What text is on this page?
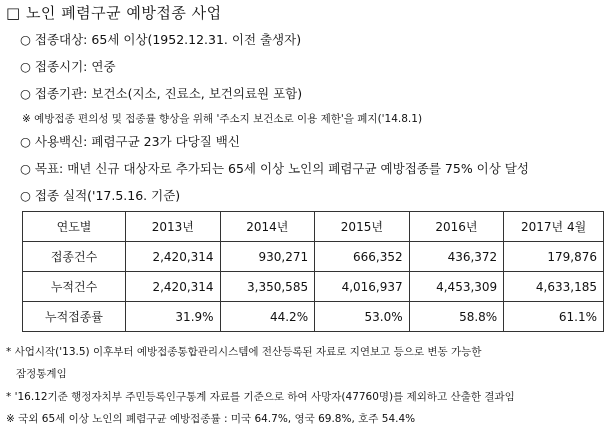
□ 노인 폐렴구균 예방접종 사업
○ 접종대상: 65세 이상(1952.12.31. 이전 출생자)
○ 접종시기: 연중
○ 접종기관: 보건소(지소, 진료소, 보건의료원 포함)
※ 예방접종 편의성 및 접종률 향상을 위해 '주소지 보건소로 이용 제한'을 폐지('14.8.1)
○ 사용백신: 폐렴구균 23가 다당질 백신
○ 목표: 매년 신규 대상자로 추가되는 65세 이상 노인의 폐렴구균 예방접종를 75% 이상 달성
○ 접종 실적('17.5.16. 기준)
연도별	2013년	2014년	2015년	2016년	2017년 4월
접종건수	2,420,314	930,271	666,352	436,372	179,876
누적건수	2,420,314	3,350,585	4,016,937	4,453,309	4,633,185
누적접종률	31.9%	44.2%	53.0%	58.8%	61.1%
* 사업시작('13.5) 이후부터 예방접종통합관리시스템에 전산등록된 자료로 지연보고 등으로 변동 가능한
잠정통계임
* '16.12기준 행정자치부 주민등록인구통계 자료를 기준으로 하여 사망자(47760명)를 제외하고 산출한 결과임
※ 국외 65세 이상 노인의 폐렴구균 예방접종률 : 미국 64.7%, 영국 69.8%, 호주 54.4%
